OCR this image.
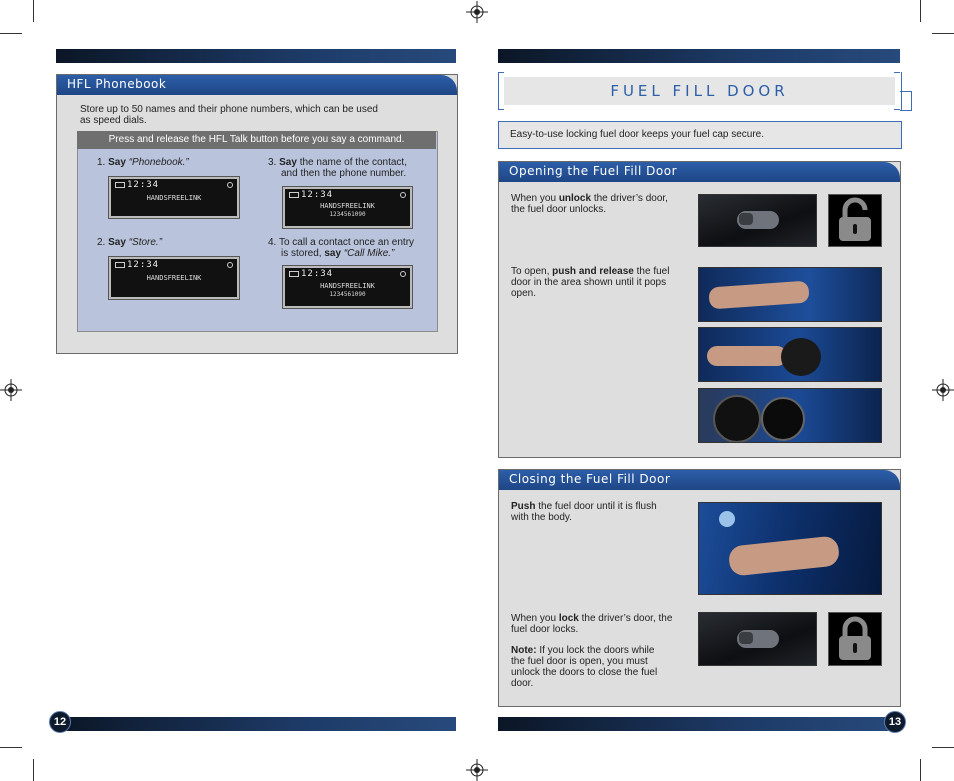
HFL Phonebook
Store up to 50 names and their phone numbers, which can be used
as speed dials.
Press and release the HFL Talk button before you say a command.
1. Say “Phonebook.”
12:34
HANDSFREELINK
2. Say “Store.”
12:34
HANDSFREELINK
3. Say the name of the contact,
and then the phone number.
12:34
HANDSFREELINK
1234561090
4. To call a contact once an entry
is stored, say “Call Mike.”
12:34
HANDSFREELINK
1234561090
12
FUEL FILL DOOR
Easy-to-use locking fuel door keeps your fuel cap secure.
Opening the Fuel Fill Door
When you unlock the driver’s door,
the fuel door unlocks.
To open, push and release the fuel
door in the area shown until it pops
open.
Closing the Fuel Fill Door
Push the fuel door until it is flush
with the body.
When you lock the driver’s door, the
fuel door locks.
Note: If you lock the doors while
the fuel door is open, you must
unlock the doors to close the fuel
door.
13
